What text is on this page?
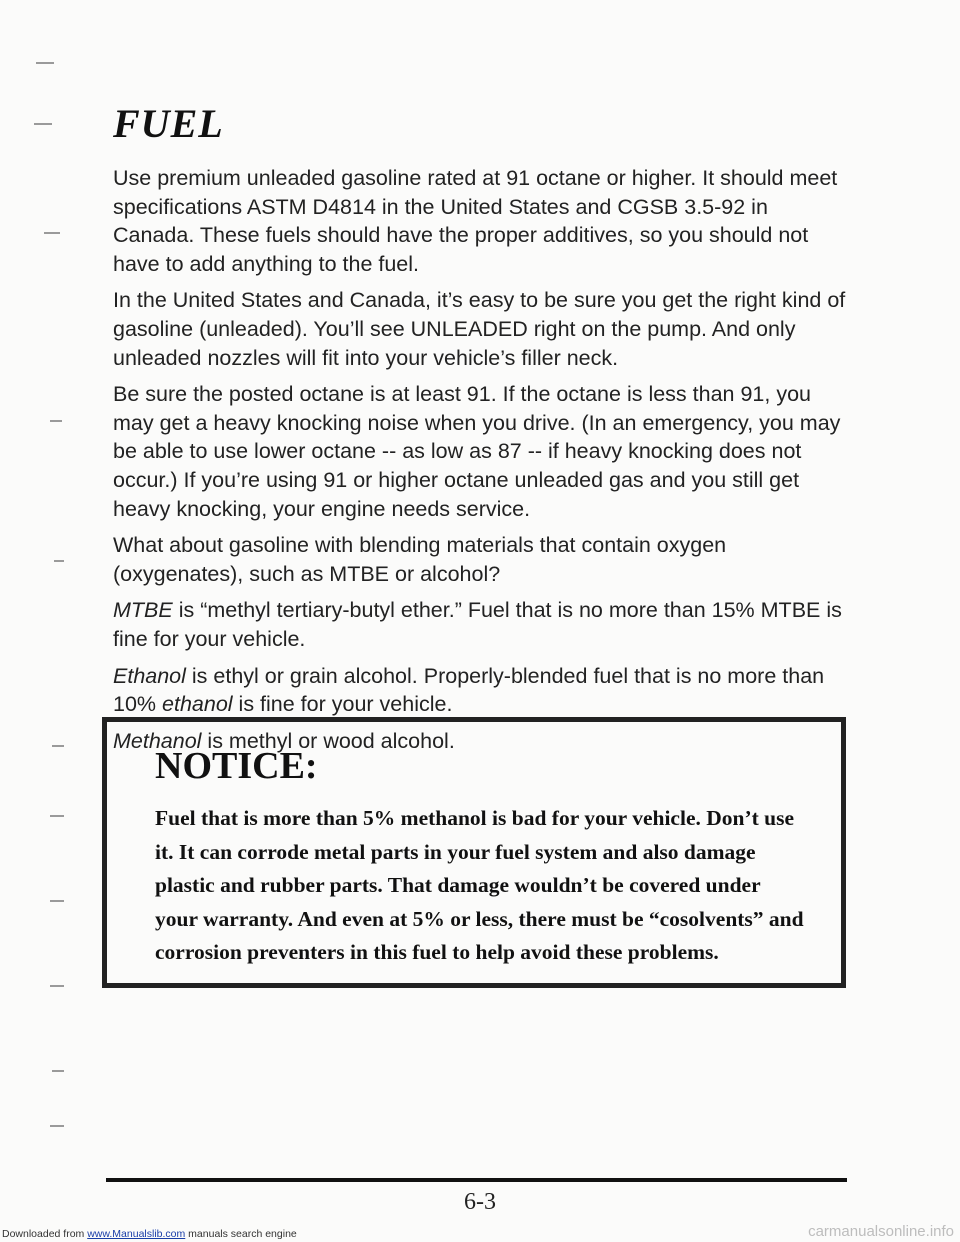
FUEL

Use premium unleaded gasoline rated at 91 octane or higher. It should meet specifications ASTM D4814 in the United States and CGSB 3.5-92 in Canada. These fuels should have the proper additives, so you should not have to add anything to the fuel.

In the United States and Canada, it’s easy to be sure you get the right kind of gasoline (unleaded). You’ll see UNLEADED right on the pump. And only unleaded nozzles will fit into your vehicle’s filler neck.

Be sure the posted octane is at least 91. If the octane is less than 91, you may get a heavy knocking noise when you drive. (In an emergency, you may be able to use lower octane -- as low as 87 -- if heavy knocking does not occur.) If you’re using 91 or higher octane unleaded gas and you still get heavy knocking, your engine needs service.

What about gasoline with blending materials that contain oxygen (oxygenates), such as MTBE or alcohol?

MTBE is “methyl tertiary-butyl ether.” Fuel that is no more than 15% MTBE is fine for your vehicle.

Ethanol is ethyl or grain alcohol. Properly-blended fuel that is no more than 10% ethanol is fine for your vehicle.

Methanol is methyl or wood alcohol.

NOTICE:

Fuel that is more than 5% methanol is bad for your vehicle. Don’t use it. It can corrode metal parts in your fuel system and also damage plastic and rubber parts. That damage wouldn’t be covered under your warranty. And even at 5% or less, there must be “cosolvents” and corrosion preventers in this fuel to help avoid these problems.

6-3
Downloaded from www.Manualslib.com manuals search engine	carmanualsonline.info
